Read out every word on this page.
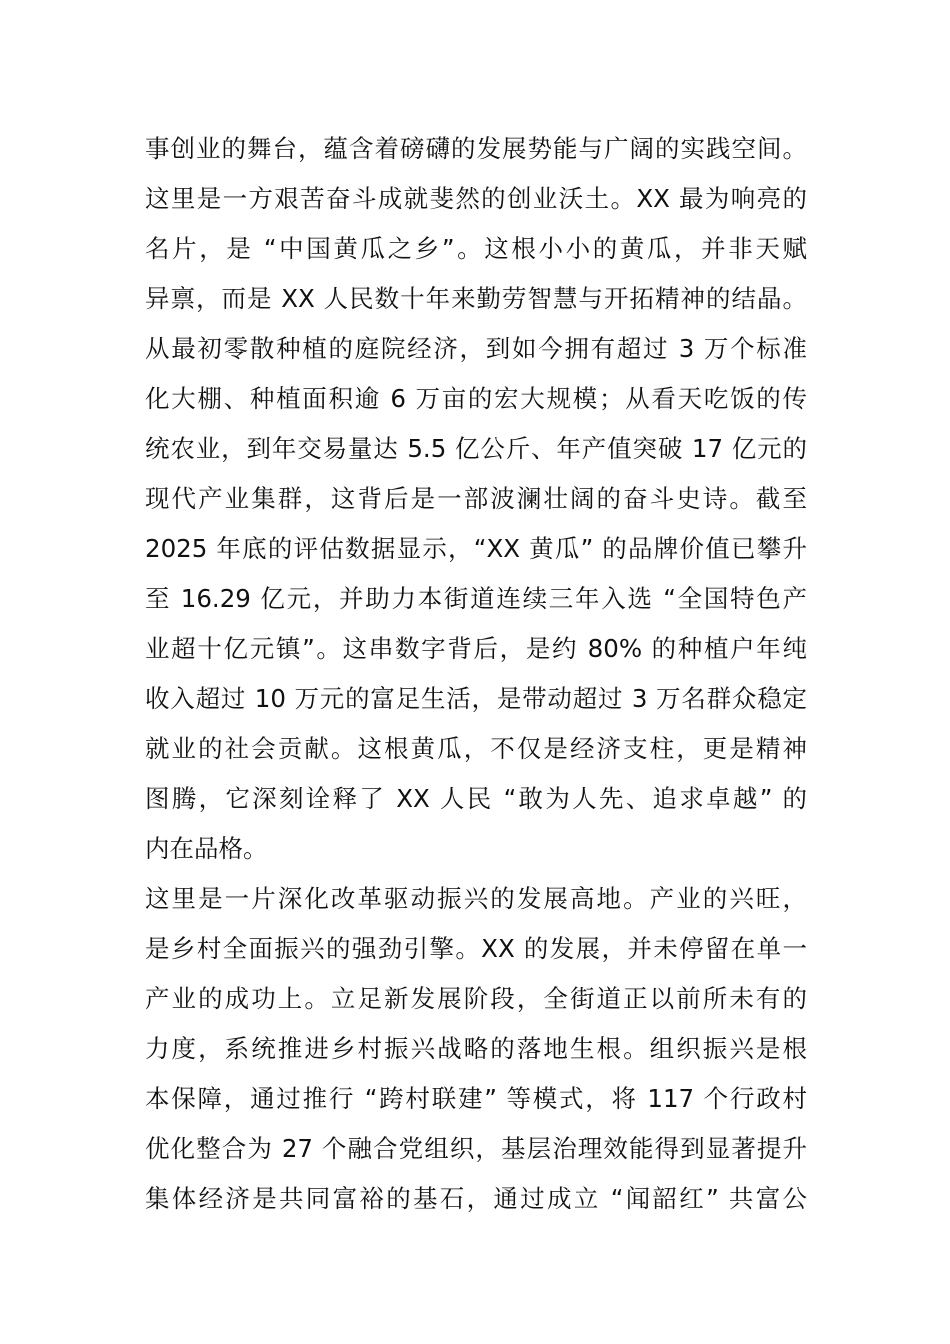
事创业的舞台，蕴含着磅礴的发展势能与广阔的实践空间。
这里是一方艰苦奋斗成就斐然的创业沃土。XX 最为响亮的
名片，是 “中国黄瓜之乡”。这根小小的黄瓜，并非天赋
异禀，而是 XX 人民数十年来勤劳智慧与开拓精神的结晶。
从最初零散种植的庭院经济，到如今拥有超过 3 万个标准
化大棚、种植面积逾 6 万亩的宏大规模；从看天吃饭的传
统农业，到年交易量达 5.5 亿公斤、年产值突破 17 亿元的
现代产业集群，这背后是一部波澜壮阔的奋斗史诗。截至
2025 年底的评估数据显示，“XX 黄瓜” 的品牌价值已攀升
至 16.29 亿元，并助力本街道连续三年入选 “全国特色产
业超十亿元镇”。这串数字背后，是约 80% 的种植户年纯
收入超过 10 万元的富足生活，是带动超过 3 万名群众稳定
就业的社会贡献。这根黄瓜，不仅是经济支柱，更是精神
图腾，它深刻诠释了 XX 人民 “敢为人先、追求卓越” 的
内在品格。
这里是一片深化改革驱动振兴的发展高地。产业的兴旺，
是乡村全面振兴的强劲引擎。XX 的发展，并未停留在单一
产业的成功上。立足新发展阶段，全街道正以前所未有的
力度，系统推进乡村振兴战略的落地生根。组织振兴是根
本保障，通过推行 “跨村联建” 等模式，将 117 个行政村
优化整合为 27 个融合党组织，基层治理效能得到显著提升
集体经济是共同富裕的基石，通过成立 “闻韶红” 共富公
